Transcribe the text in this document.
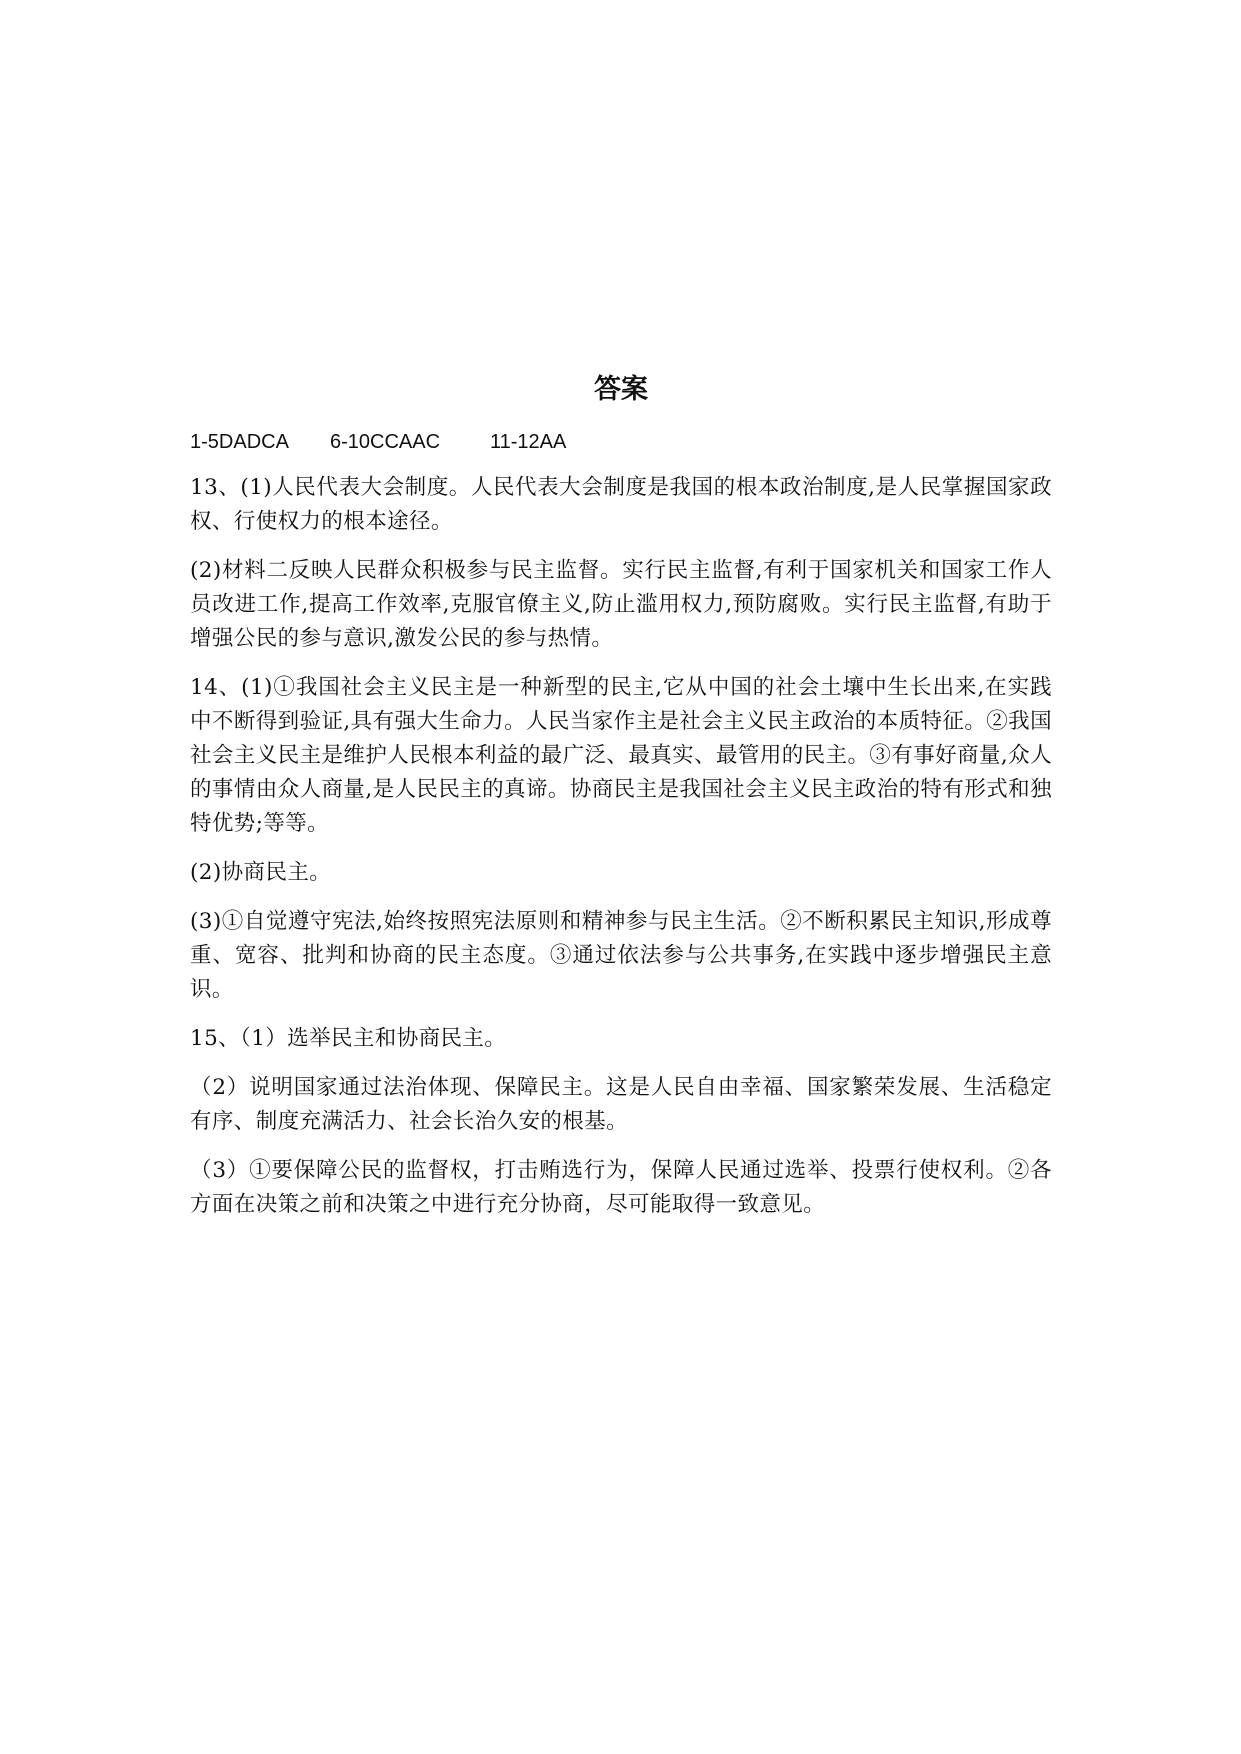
答案
1-5DADCA 6-10CCAAC 11-12AA

13、(1)人民代表大会制度。人民代表大会制度是我国的根本政治制度,是人民掌握国家政权、行使权力的根本途径。

(2)材料二反映人民群众积极参与民主监督。实行民主监督,有利于国家机关和国家工作人员改进工作,提高工作效率,克服官僚主义,防止滥用权力,预防腐败。实行民主监督,有助于增强公民的参与意识,激发公民的参与热情。

14、(1)①我国社会主义民主是一种新型的民主,它从中国的社会土壤中生长出来,在实践中不断得到验证,具有强大生命力。人民当家作主是社会主义民主政治的本质特征。②我国社会主义民主是维护人民根本利益的最广泛、最真实、最管用的民主。③有事好商量,众人的事情由众人商量,是人民民主的真谛。协商民主是我国社会主义民主政治的特有形式和独特优势;等等。

(2)协商民主。

(3)①自觉遵守宪法,始终按照宪法原则和精神参与民主生活。②不断积累民主知识,形成尊重、宽容、批判和协商的民主态度。③通过依法参与公共事务,在实践中逐步增强民主意识。

15、（1）选举民主和协商民主。

（2）说明国家通过法治体现、保障民主。这是人民自由幸福、国家繁荣发展、生活稳定有序、制度充满活力、社会长治久安的根基。

（3）①要保障公民的监督权，打击贿选行为，保障人民通过选举、投票行使权利。②各方面在决策之前和决策之中进行充分协商，尽可能取得一致意见。
